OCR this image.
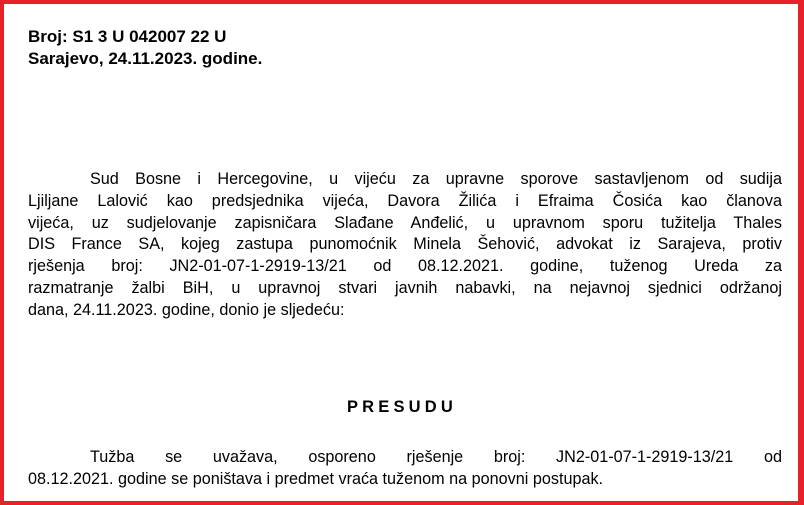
Broj: S1 3 U 042007 22 U
Sarajevo, 24.11.2023. godine.
Sud Bosne i Hercegovine, u vijeću za upravne sporove sastavljenom od sudija
Ljiljane Lalović kao predsjednika vijeća, Davora Žilića i Efraima Čosića kao članova
vijeća, uz sudjelovanje zapisničara Slađane Anđelić, u upravnom sporu tužitelja Thales
DIS France SA, kojeg zastupa punomoćnik Minela Šehović, advokat iz Sarajeva, protiv
rješenja broj: JN2-01-07-1-2919-13/21 od 08.12.2021. godine, tuženog Ureda za
razmatranje žalbi BiH, u upravnoj stvari javnih nabavki, na nejavnoj sjednici održanoj
dana, 24.11.2023. godine, donio je sljedeću:
PRESUDU
Tužba se uvažava, osporeno rješenje broj: JN2-01-07-1-2919-13/21 od
08.12.2021. godine se poništava i predmet vraća tuženom na ponovni postupak.
